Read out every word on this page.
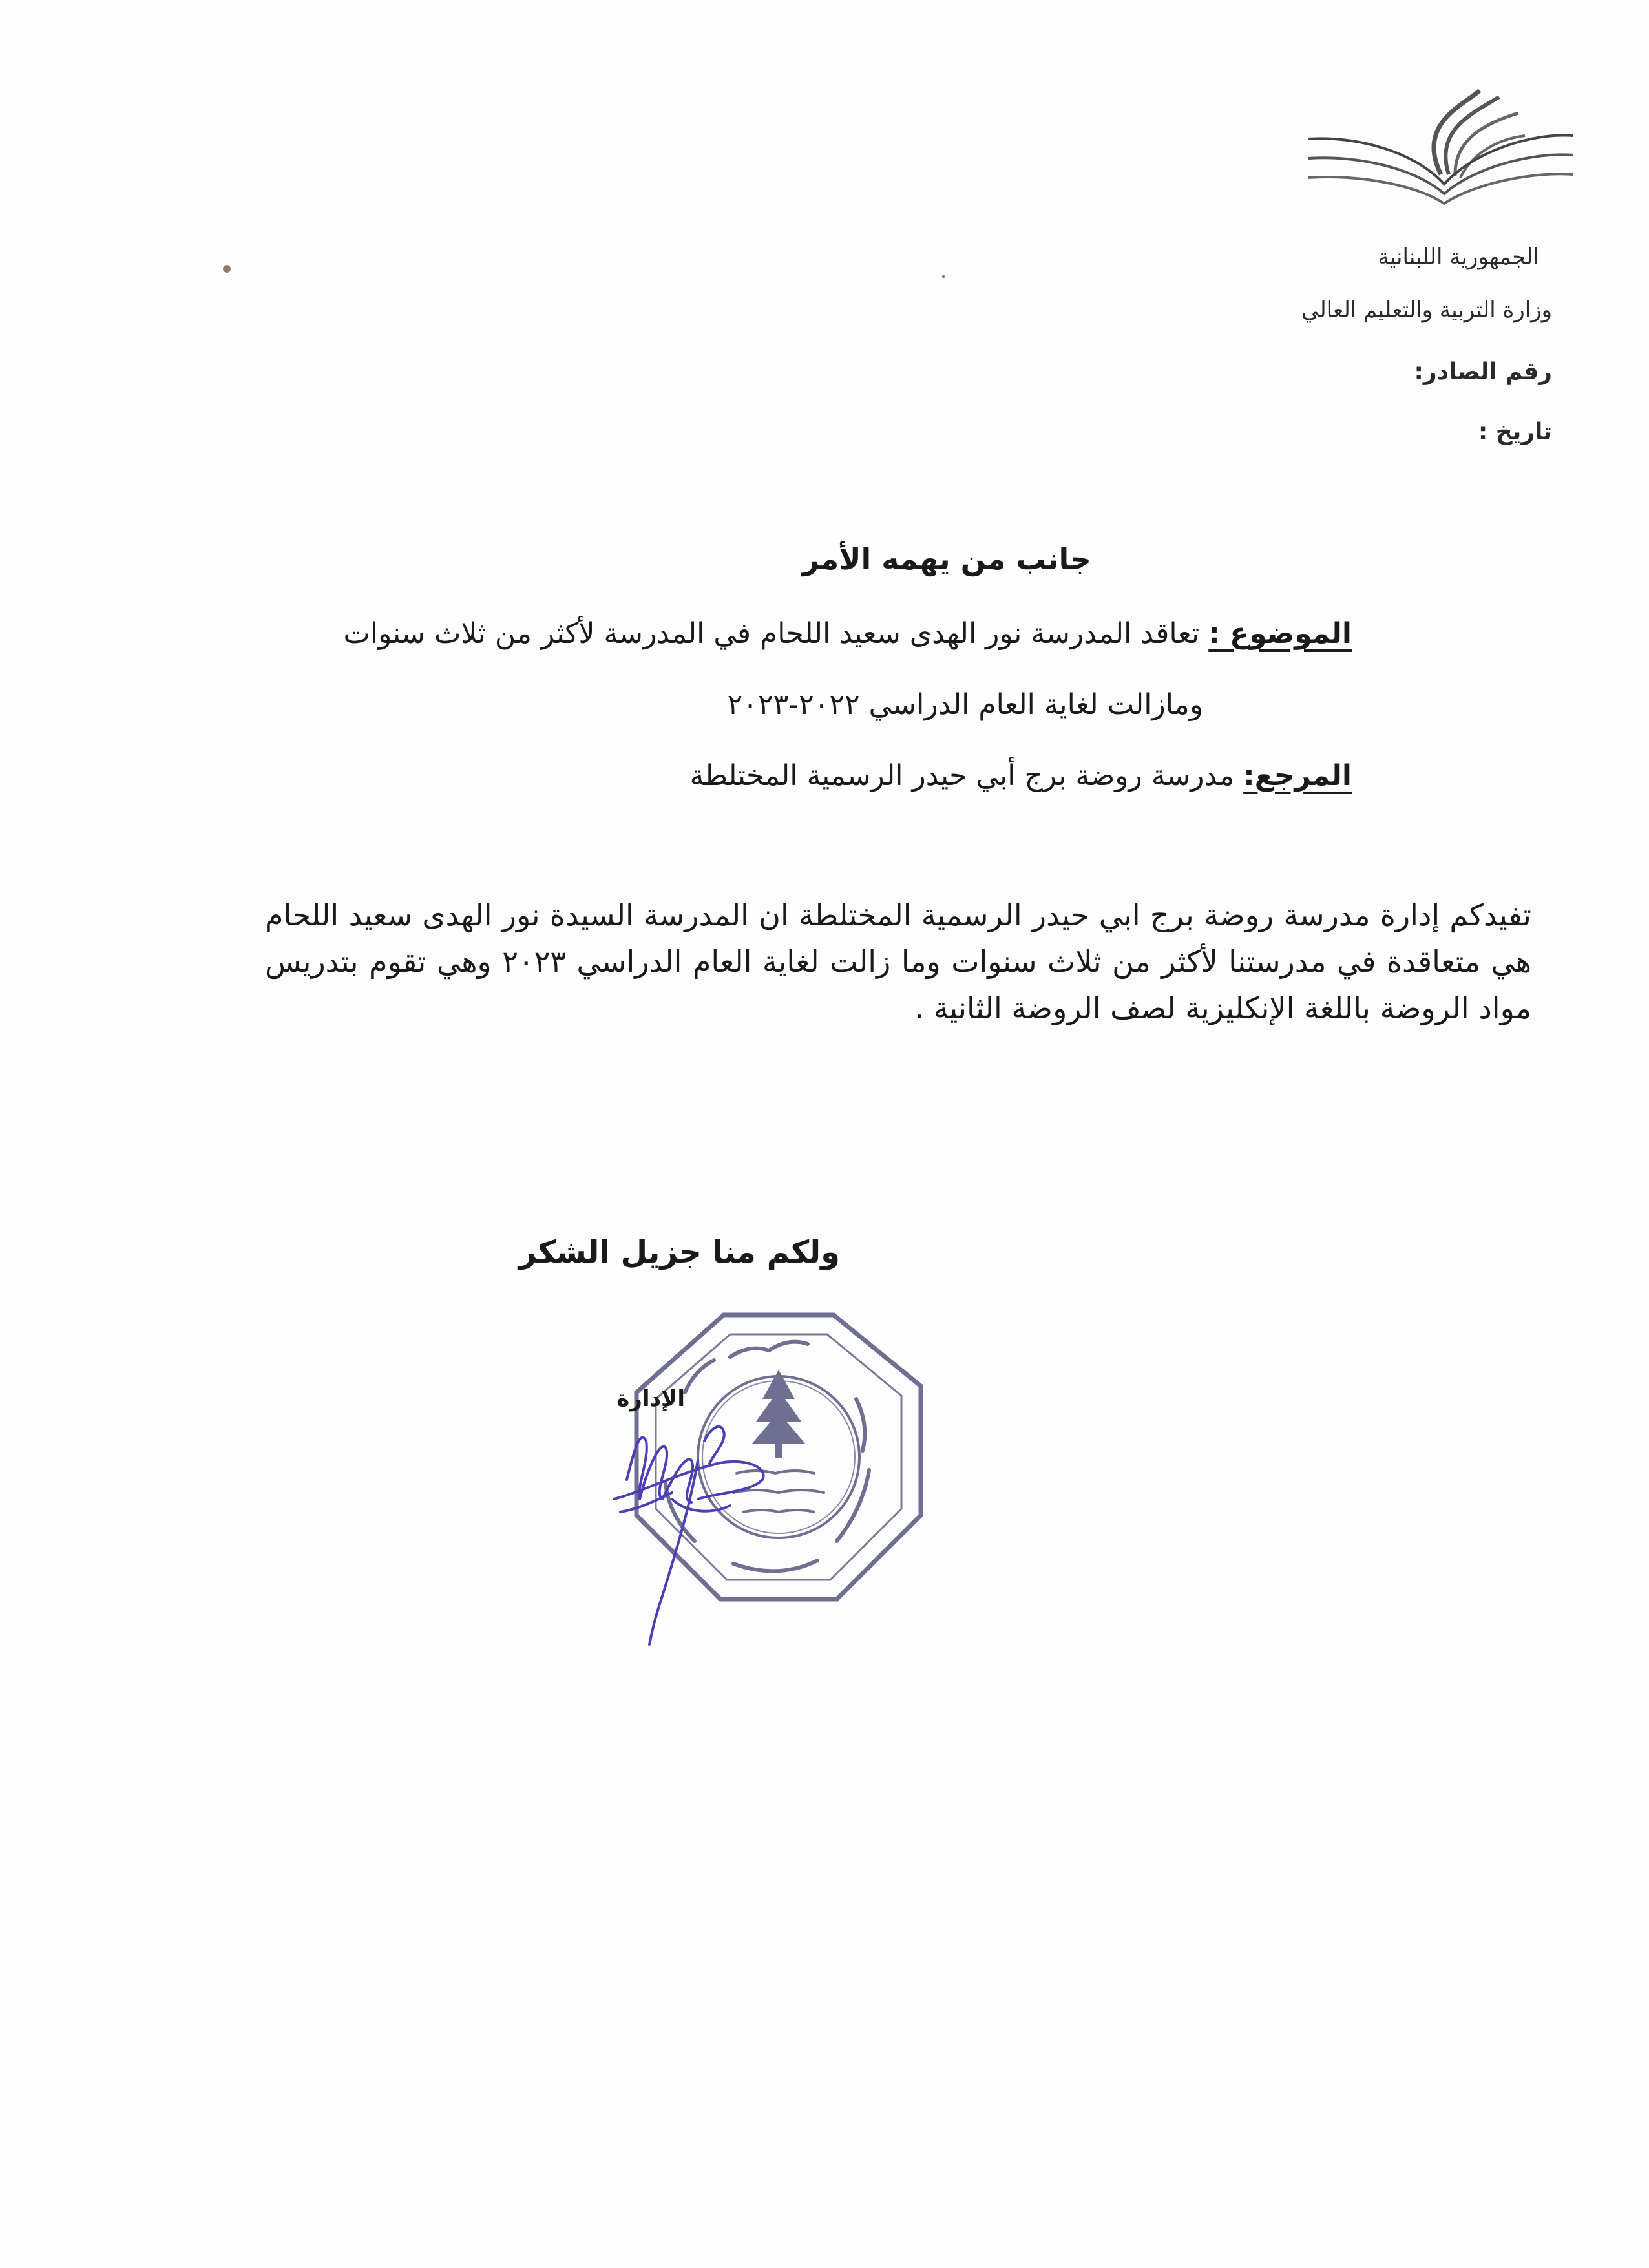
الجمهورية اللبنانية
وزارة التربية والتعليم العالي
رقم الصادر:
تاريخ :
جانب من يهمه الأمر
الموضوع : تعاقد المدرسة نور الهدى سعيد اللحام في المدرسة لأكثر من ثلاث سنوات
ومازالت لغاية العام الدراسي ٢٠٢٢-٢٠٢٣
المرجع: مدرسة روضة برج أبي حيدر الرسمية المختلطة
تفيدكم إدارة مدرسة روضة برج ابي حيدر الرسمية المختلطة ان المدرسة السيدة نور الهدى سعيد اللحام هي متعاقدة في مدرستنا لأكثر من ثلاث سنوات وما زالت لغاية العام الدراسي ٢٠٢٣ وهي تقوم بتدريس مواد الروضة باللغة الإنكليزية لصف الروضة الثانية .
ولكم منا جزيل الشكر
الإدارة
